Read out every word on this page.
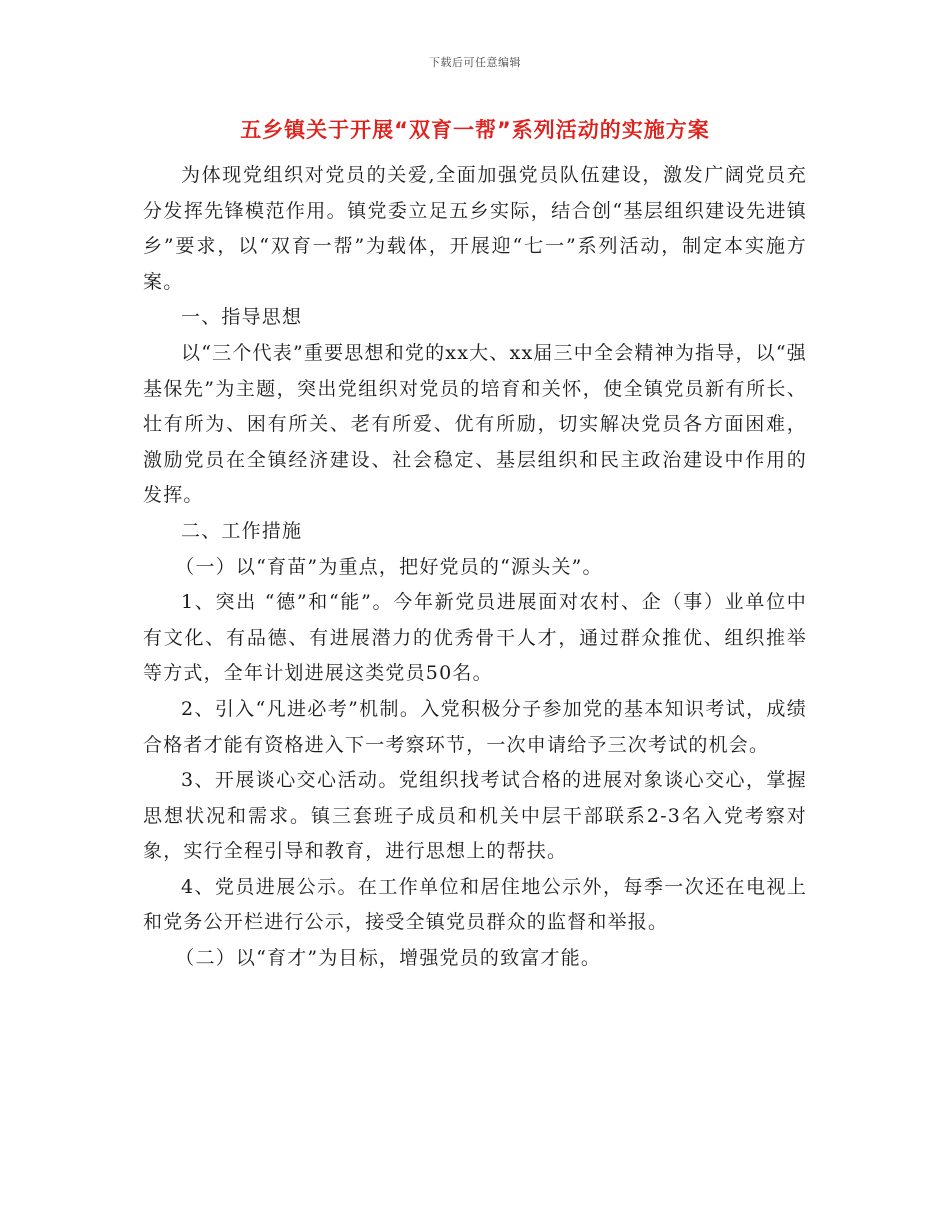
下载后可任意编辑
五乡镇关于开展“双育一帮”系列活动的实施方案

为体现党组织对党员的关爱,全面加强党员队伍建设，激发广阔党员充分发挥先锋模范作用。镇党委立足五乡实际，结合创“基层组织建设先进镇乡”要求，以“双育一帮”为载体，开展迎“七一”系列活动，制定本实施方案。

一、指导思想

以“三个代表”重要思想和党的xx大、xx届三中全会精神为指导，以“强基保先”为主题，突出党组织对党员的培育和关怀，使全镇党员新有所长、壮有所为、困有所关、老有所爱、优有所励，切实解决党员各方面困难，激励党员在全镇经济建设、社会稳定、基层组织和民主政治建设中作用的发挥。

二、工作措施

（一）以“育苗”为重点，把好党员的“源头关”。

1、突出 “德”和“能”。今年新党员进展面对农村、企（事）业单位中有文化、有品德、有进展潜力的优秀骨干人才，通过群众推优、组织推举等方式，全年计划进展这类党员50名。

2、引入“凡进必考”机制。入党积极分子参加党的基本知识考试，成绩合格者才能有资格进入下一考察环节，一次申请给予三次考试的机会。

3、开展谈心交心活动。党组织找考试合格的进展对象谈心交心，掌握思想状况和需求。镇三套班子成员和机关中层干部联系2-3名入党考察对象，实行全程引导和教育，进行思想上的帮扶。

4、党员进展公示。在工作单位和居住地公示外，每季一次还在电视上和党务公开栏进行公示，接受全镇党员群众的监督和举报。

（二）以“育才”为目标，增强党员的致富才能。
